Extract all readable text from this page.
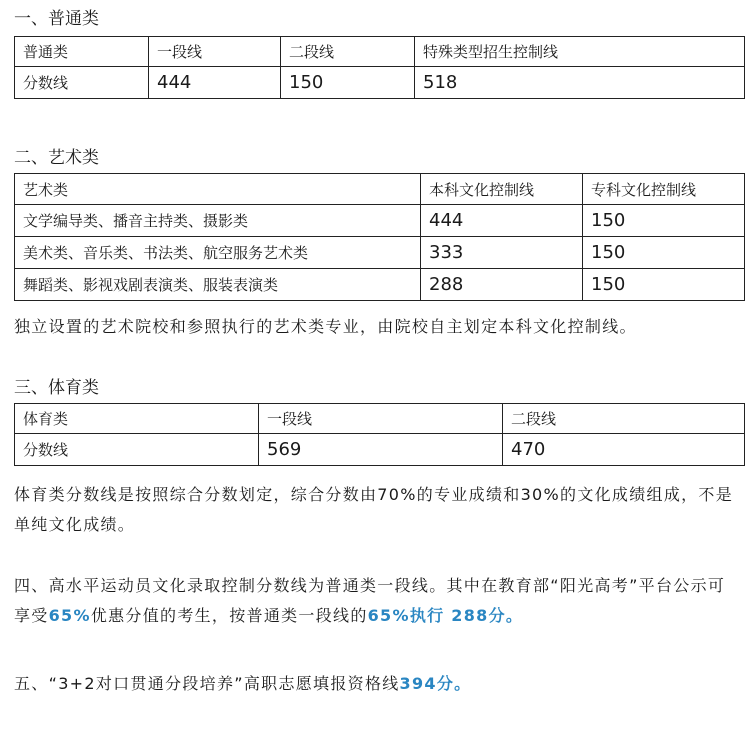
一、普通类
普通类	一段线	二段线	特殊类型招生控制线
分数线	444	150	518
二、艺术类
艺术类	本科文化控制线	专科文化控制线
文学编导类、播音主持类、摄影类	444	150
美术类、音乐类、书法类、航空服务艺术类	333	150
舞蹈类、影视戏剧表演类、服装表演类	288	150
独立设置的艺术院校和参照执行的艺术类专业，由院校自主划定本科文化控制线。
三、体育类
体育类	一段线	二段线
分数线	569	470
体育类分数线是按照综合分数划定，综合分数由70%的专业成绩和30%的文化成绩组成，不是单纯文化成绩。
四、高水平运动员文化录取控制分数线为普通类一段线。其中在教育部“阳光高考”平台公示可享受65%优惠分值的考生，按普通类一段线的65%执行 288分。
五、“3+2对口贯通分段培养”高职志愿填报资格线394分。
